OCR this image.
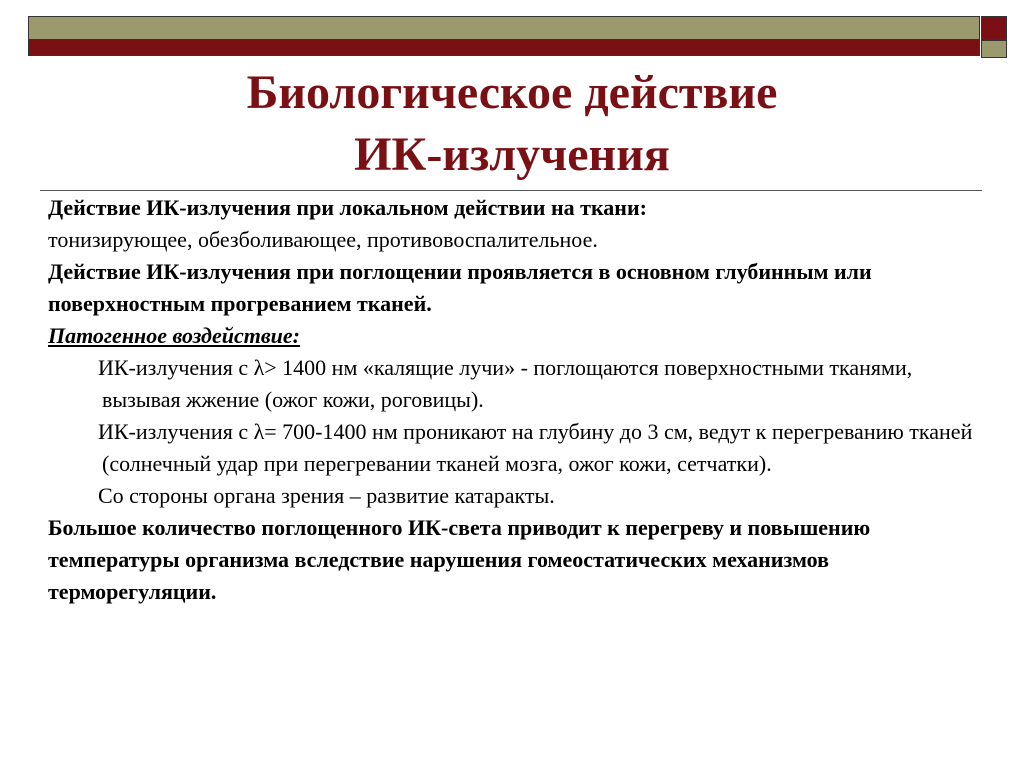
Биологическое действие
ИК-излучения

Действие ИК-излучения при локальном действии на ткани:

тонизирующее, обезболивающее, противовоспалительное.

Действие ИК-излучения при поглощении проявляется в основном глубинным или поверхностным прогреванием тканей.

Патогенное воздействие:

ИК-излучения с λ> 1400 нм «калящие лучи» - поглощаются поверхностными тканями, вызывая жжение (ожог кожи, роговицы).

ИК-излучения с λ= 700-1400 нм проникают на глубину до 3 см, ведут к перегреванию тканей (солнечный удар при перегревании тканей мозга, ожог кожи, сетчатки).

Со стороны органа зрения – развитие катаракты.

Большое количество поглощенного ИК-света приводит к перегреву и повышению температуры организма вследствие нарушения гомеостатических механизмов терморегуляции.
